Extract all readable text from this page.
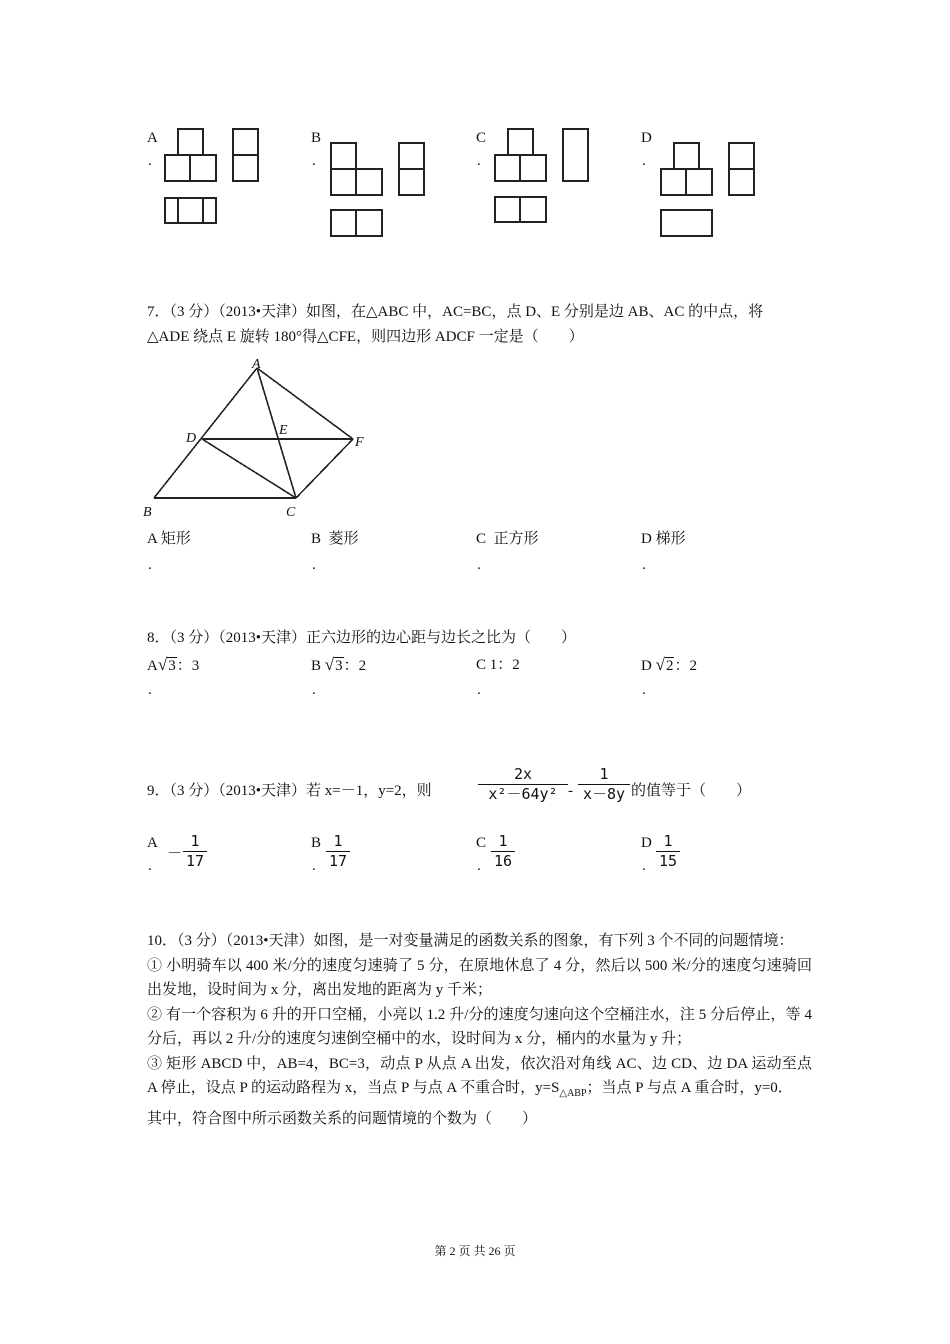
A
.
B
.
C
.
D
.
7．（3 分）（2013•天津）如图，在△ABC 中，AC=BC，点 D、E 分别是边 AB、AC 的中点，将
△ADE 绕点 E 旋转 180°得△CFE，则四边形 ADCF 一定是（　　）
A
B	C
D
E
F
A 矩形
.
B 菱形
.
C 正方形
.
D 梯形
.
8．（3 分）（2013•天津）正六边形的边心距与边长之比为（　　）
A√3：3
.
B √3：2
.
C 1：2
.
D √2：2
.
9．（3 分）（2013•天津）若 x=－1，y=2，则
2x
x²－64y² -
1
x－8y 的值等于（　　）
A
.
－
1
17
B
.
1
17
C
.
1
16
D
.
1
15
10．（3 分）（2013•天津）如图，是一对变量满足的函数关系的图象，有下列 3 个不同的问题情境：
① 小明骑车以 400 米/分的速度匀速骑了 5 分，在原地休息了 4 分，然后以 500 米/分的速度匀速骑回出发地，设时间为 x 分，离出发地的距离为 y 千米；
② 有一个容积为 6 升的开口空桶，小亮以 1.2 升/分的速度匀速向这个空桶注水，注 5 分后停止，等 4 分后，再以 2 升/分的速度匀速倒空桶中的水，设时间为 x 分，桶内的水量为 y 升；
③ 矩形 ABCD 中，AB=4，BC=3，动点 P 从点 A 出发，依次沿对角线 AC、边 CD、边 DA 运动至点 A 停止，设点 P 的运动路程为 x，当点 P 与点 A 不重合时，$y=S_{\triangle ABP}$；当点 P 与点 A 重合时，y=0．
其中，符合图中所示函数关系的问题情境的个数为（　　）
第 2 页 共 26 页
